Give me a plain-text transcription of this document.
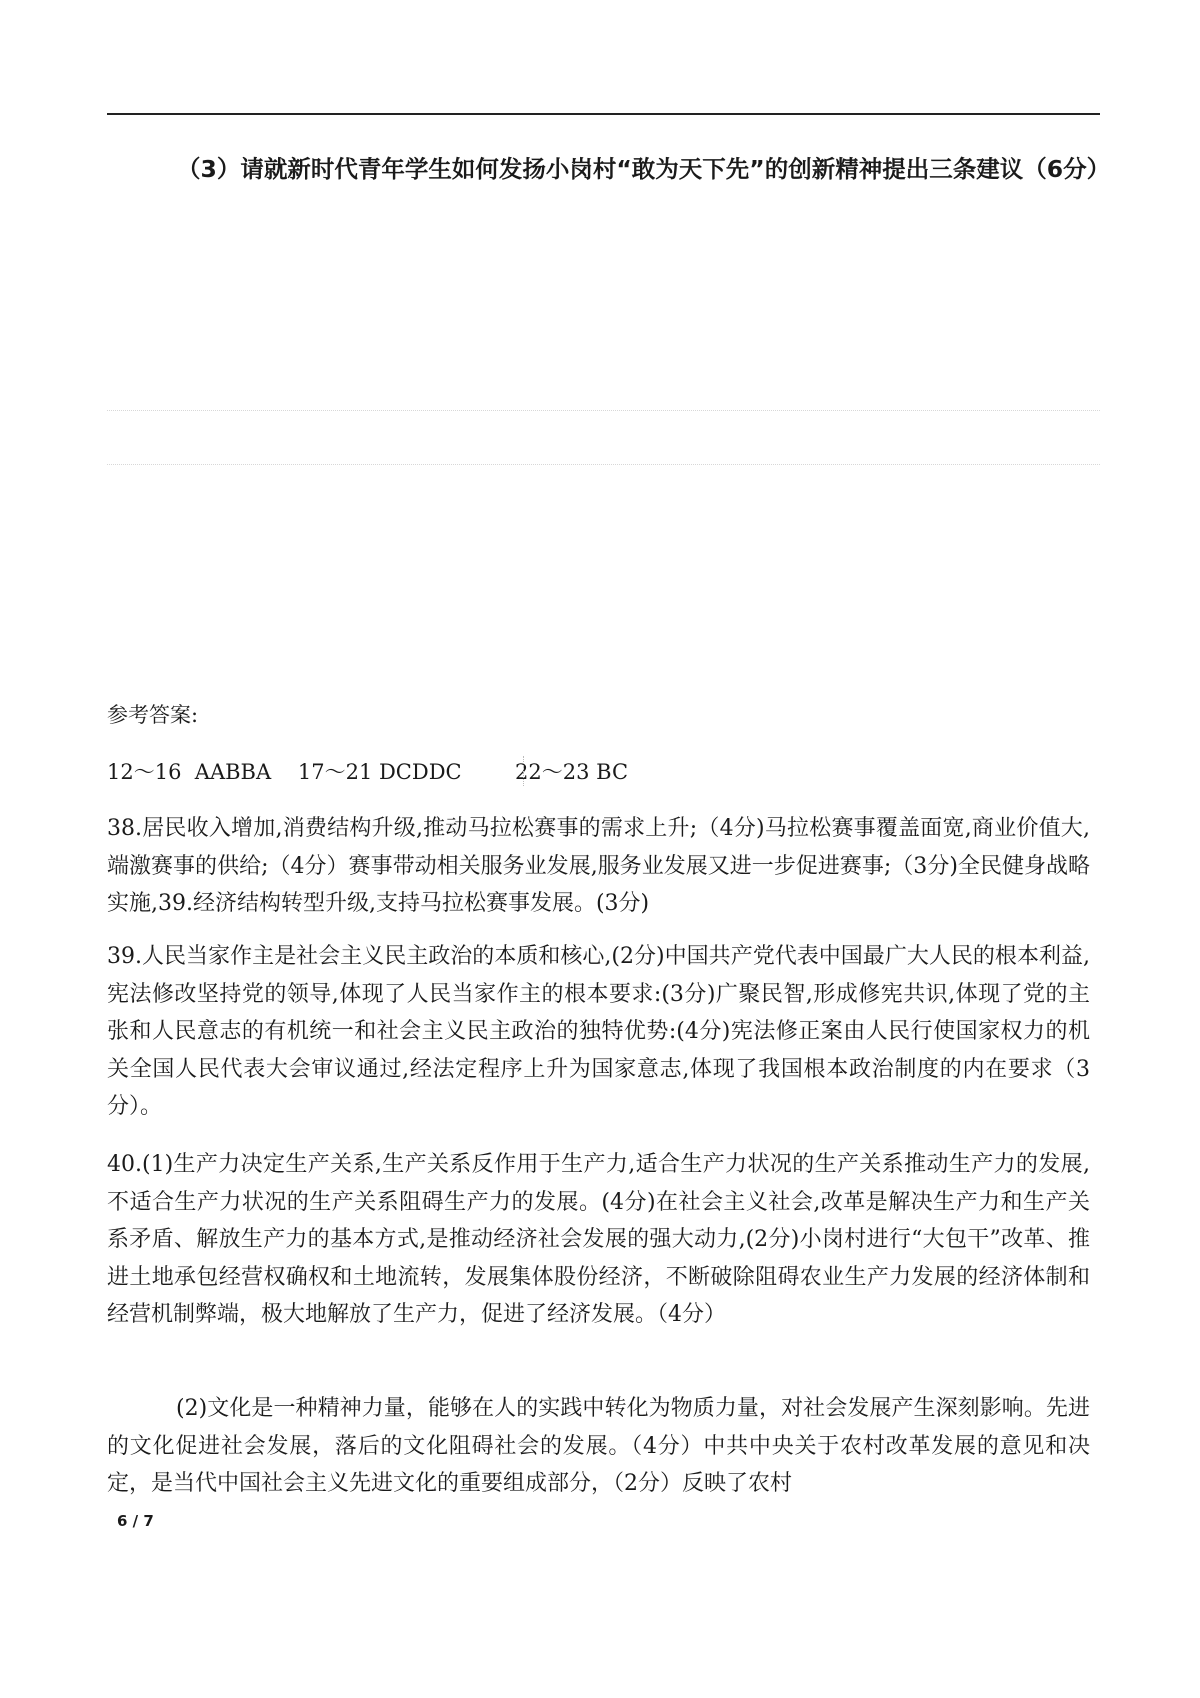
（3）请就新时代青年学生如何发扬小岗村“敢为天下先”的创新精神提出三条建议（6分）
参考答案:
12～16  AABBA    17～21 DCDDC        22～23 BC
38.居民收入增加,消费结构升级,推动马拉松赛事的需求上升;（4分)马拉松赛事覆盖面宽,商业价值大,端激赛事的供给;（4分）赛事带动相关服务业发展,服务业发展又进一步促进赛事;（3分)全民健身战略实施,39.经济结构转型升级,支持马拉松赛事发展。(3分)
39.人民当家作主是社会主义民主政治的本质和核心,(2分)中国共产党代表中国最广大人民的根本利益,宪法修改坚持党的领导,体现了人民当家作主的根本要求:(3分)广聚民智,形成修宪共识,体现了党的主张和人民意志的有机统一和社会主义民主政治的独特优势:(4分)宪法修正案由人民行使国家权力的机关全国人民代表大会审议通过,经法定程序上升为国家意志,体现了我国根本政治制度的内在要求（3分）。
40.(1)生产力决定生产关系,生产关系反作用于生产力,适合生产力状况的生产关系推动生产力的发展,不适合生产力状况的生产关系阻碍生产力的发展。(4分)在社会主义社会,改革是解决生产力和生产关系矛盾、解放生产力的基本方式,是推动经济社会发展的强大动力,(2分)小岗村进行“大包干”改革、推进土地承包经营权确权和土地流转，发展集体股份经济，不断破除阻碍农业生产力发展的经济体制和经营机制弊端，极大地解放了生产力，促进了经济发展。（4分）
(2)文化是一种精神力量，能够在人的实践中转化为物质力量，对社会发展产生深刻影响。先进的文化促进社会发展，落后的文化阻碍社会的发展。（4分）中共中央关于农村改革发展的意见和决定，是当代中国社会主义先进文化的重要组成部分，（2分）反映了农村
6 / 7
